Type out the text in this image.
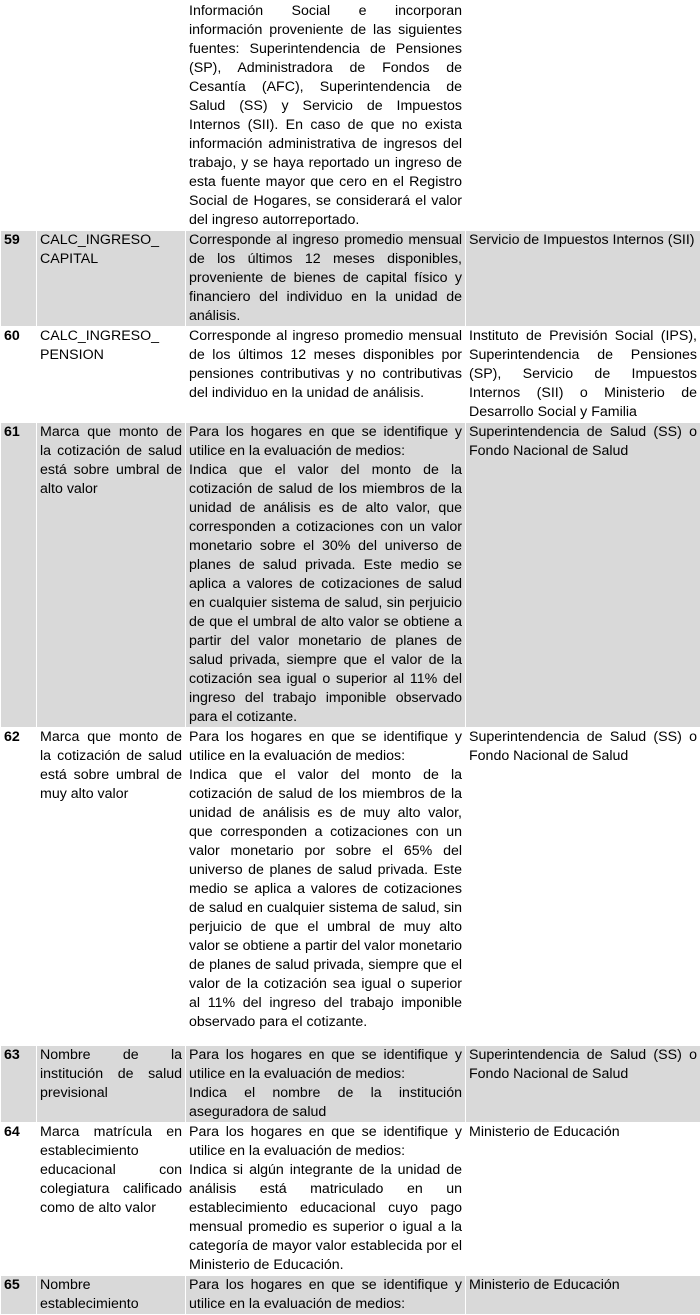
		Información Social e incorporan información proveniente de las siguientes fuentes: Superintendencia de Pensiones (SP), Administradora de Fondos de Cesantía (AFC), Superintendencia de Salud (SS) y Servicio de Impuestos Internos (SII). En caso de que no exista información administrativa de ingresos del trabajo, y se haya reportado un ingreso de esta fuente mayor que cero en el Registro Social de Hogares, se considerará el valor del ingreso autorreportado.	
59	CALC_INGRESO_ CAPITAL	Corresponde al ingreso promedio mensual de los últimos 12 meses disponibles, proveniente de bienes de capital físico y financiero del individuo en la unidad de análisis.	Servicio de Impuestos Internos (SII)
60	CALC_INGRESO_ PENSION	Corresponde al ingreso promedio mensual de los últimos 12 meses disponibles por pensiones contributivas y no contributivas del individuo en la unidad de análisis.	Instituto de Previsión Social (IPS), Superintendencia de Pensiones (SP), Servicio de Impuestos Internos (SII) o Ministerio de Desarrollo Social y Familia
61	Marca que monto de la cotización de salud está sobre umbral de alto valor	Para los hogares en que se identifique y utilice en la evaluación de medios:
Indica que el valor del monto de la cotización de salud de los miembros de la unidad de análisis es de alto valor, que corresponden a cotizaciones con un valor monetario sobre el 30% del universo de planes de salud privada. Este medio se aplica a valores de cotizaciones de salud en cualquier sistema de salud, sin perjuicio de que el umbral de alto valor se obtiene a partir del valor monetario de planes de salud privada, siempre que el valor de la cotización sea igual o superior al 11% del ingreso del trabajo imponible observado para el cotizante.	Superintendencia de Salud (SS) o Fondo Nacional de Salud
62	Marca que monto de la cotización de salud está sobre umbral de muy alto valor	Para los hogares en que se identifique y utilice en la evaluación de medios:
Indica que el valor del monto de la cotización de salud de los miembros de la unidad de análisis es de muy alto valor, que corresponden a cotizaciones con un valor monetario por sobre el 65% del universo de planes de salud privada. Este medio se aplica a valores de cotizaciones de salud en cualquier sistema de salud, sin perjuicio de que el umbral de muy alto valor se obtiene a partir del valor monetario de planes de salud privada, siempre que el valor de la cotización sea igual o superior al 11% del ingreso del trabajo imponible observado para el cotizante.	Superintendencia de Salud (SS) o Fondo Nacional de Salud
63	Nombre de la institución de salud previsional	Para los hogares en que se identifique y utilice en la evaluación de medios:
Indica el nombre de la institución aseguradora de salud	Superintendencia de Salud (SS) o Fondo Nacional de Salud
64	Marca matrícula en establecimiento educacional con colegiatura calificado como de alto valor	Para los hogares en que se identifique y utilice en la evaluación de medios:
Indica si algún integrante de la unidad de análisis está matriculado en un establecimiento educacional cuyo pago mensual promedio es superior o igual a la categoría de mayor valor establecida por el Ministerio de Educación.	Ministerio de Educación
65	Nombre establecimiento	Para los hogares en que se identifique y utilice en la evaluación de medios:	Ministerio de Educación
